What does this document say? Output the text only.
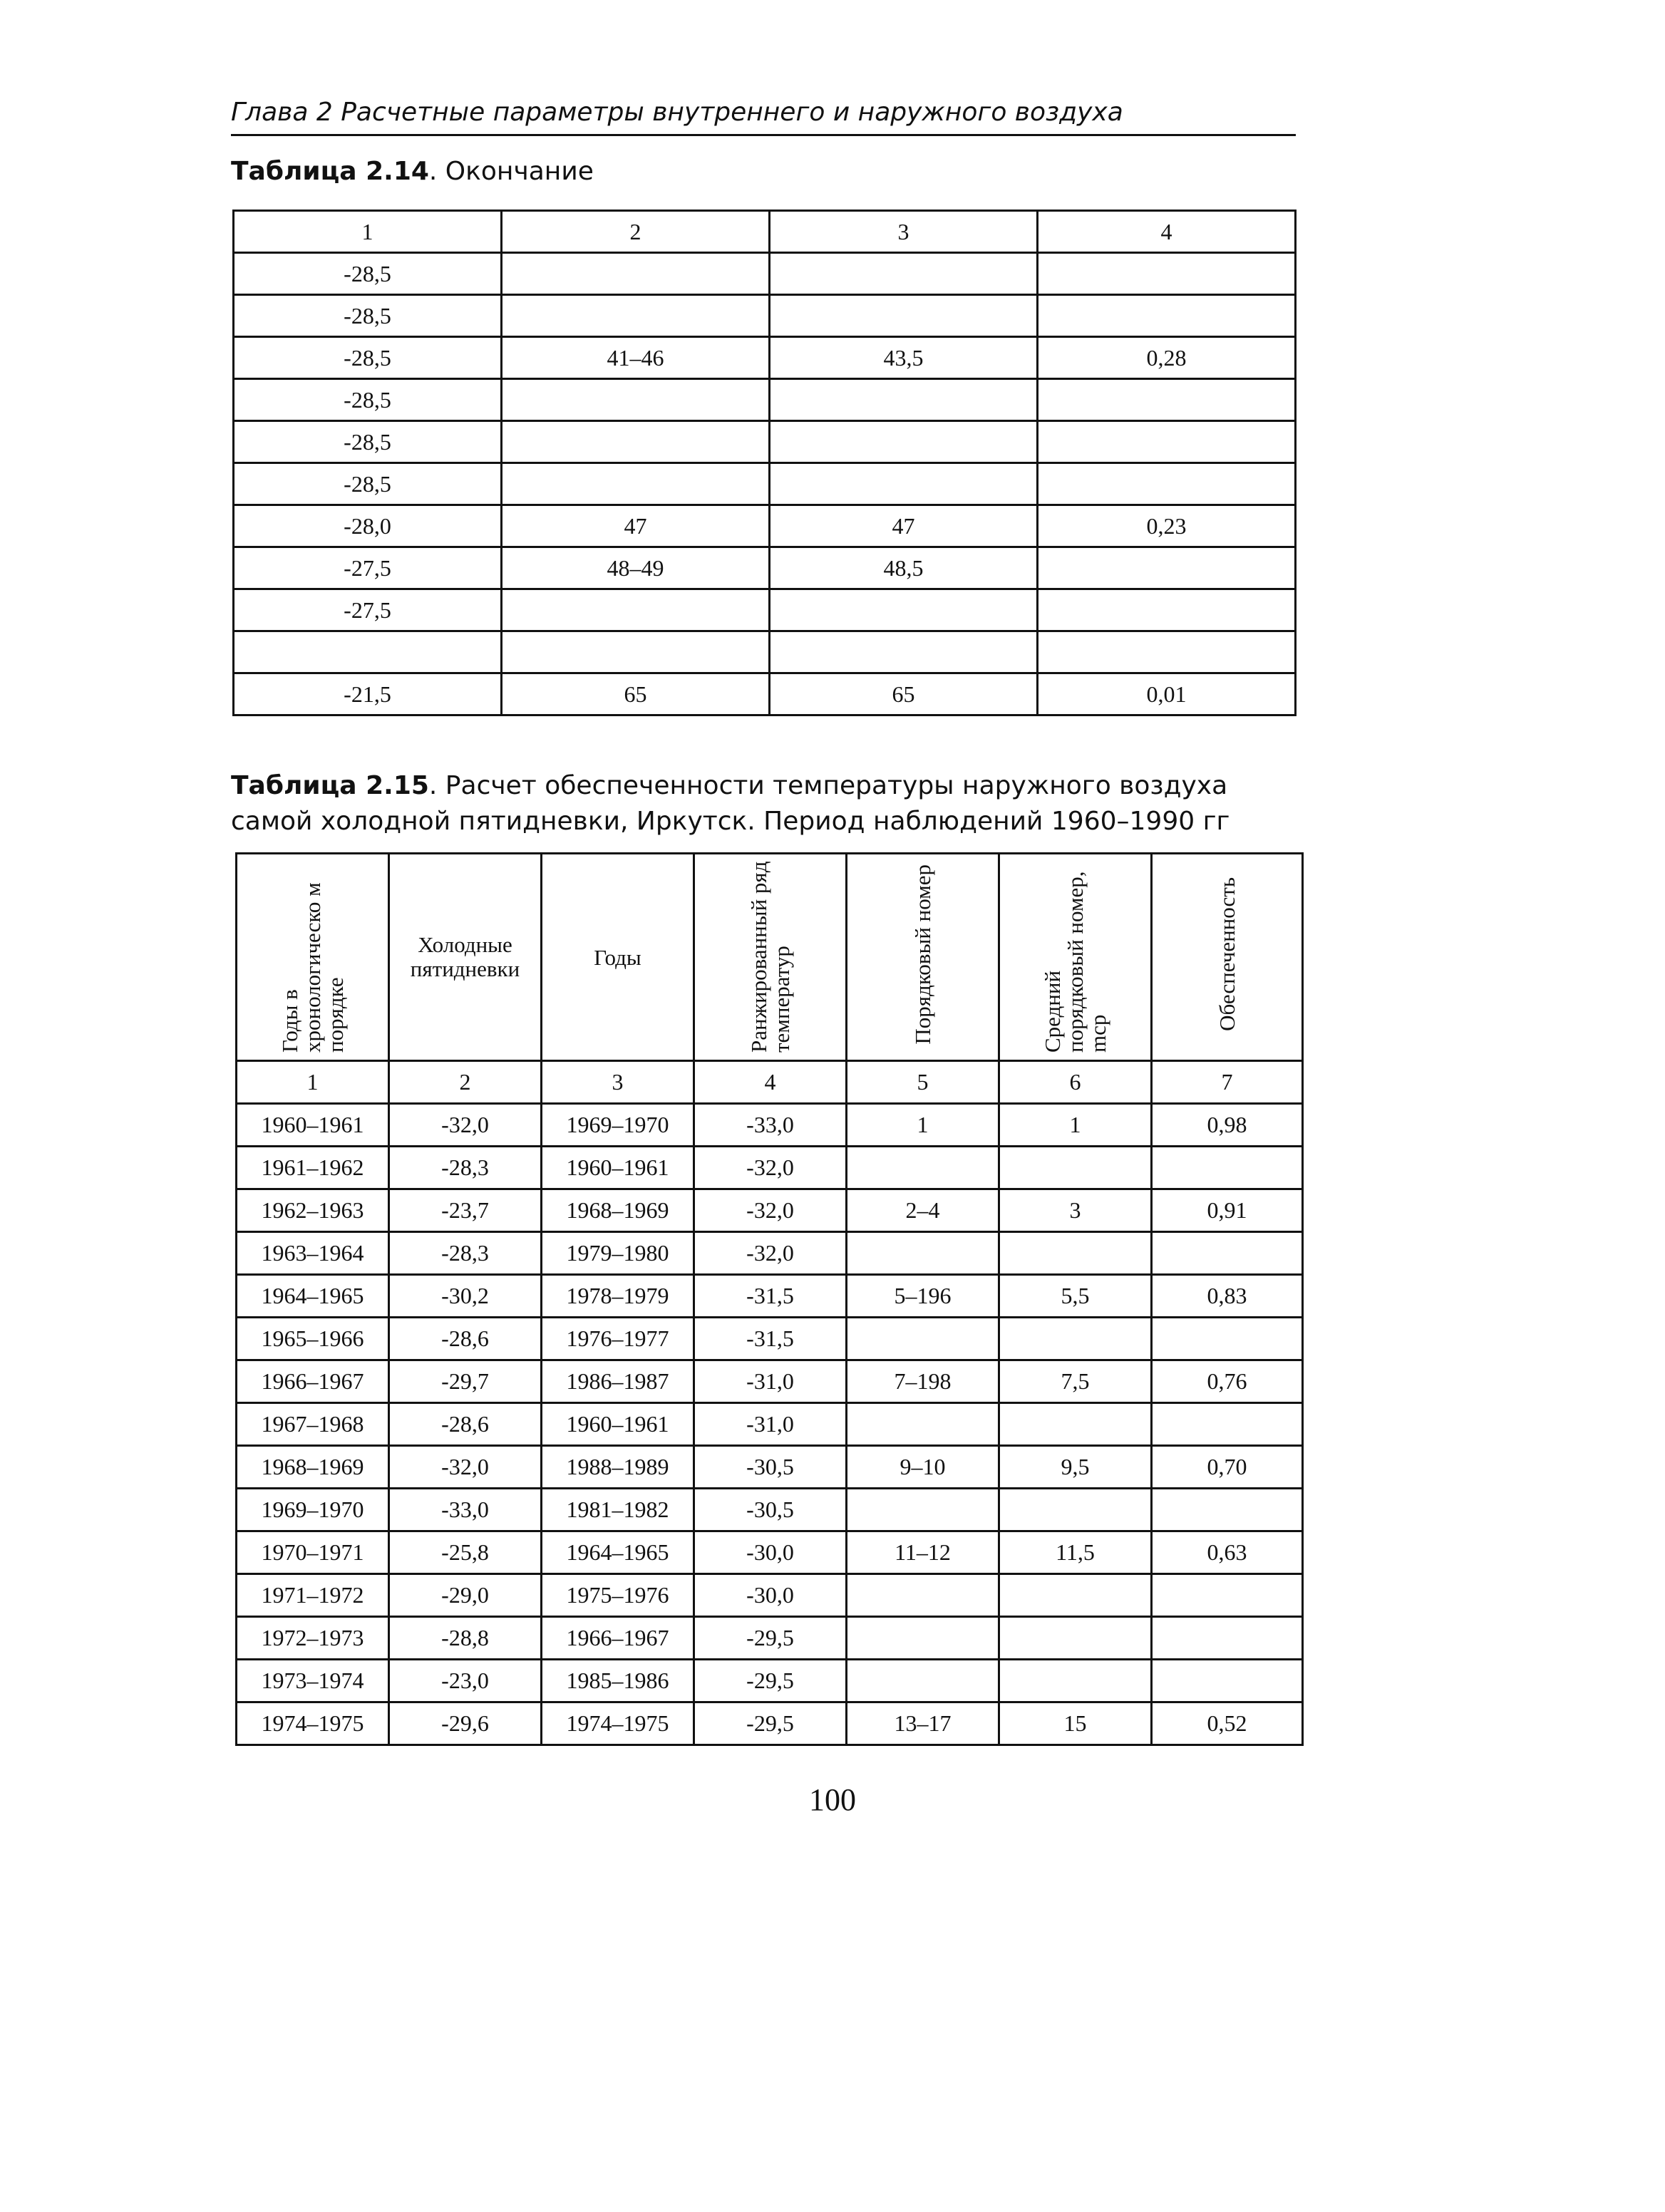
Глава 2 Расчетные параметры внутреннего и наружного воздуха
Таблица 2.14. Окончание
1	2	3	4
-28,5			
-28,5			
-28,5	41–46	43,5	0,28
-28,5			
-28,5			
-28,5			
-28,0	47	47	0,23
-27,5	48–49	48,5	
-27,5			

-21,5	65	65	0,01
Таблица 2.15. Расчет обеспеченности температуры наружного воздуха самой холодной пятидневки, Иркутск. Период наблюдений 1960–1990 гг
Годы в хронологическо м порядке	Холодные пятидневки	Годы	Ранжированный ряд температур	Порядковый номер	Средний порядковый номер, mср	Обеспеченность
1	2	3	4	5	6	7
1960–1961	-32,0	1969–1970	-33,0	1	1	0,98
1961–1962	-28,3	1960–1961	-32,0			
1962–1963	-23,7	1968–1969	-32,0	2–4	3	0,91
1963–1964	-28,3	1979–1980	-32,0			
1964–1965	-30,2	1978–1979	-31,5	5–196	5,5	0,83
1965–1966	-28,6	1976–1977	-31,5			
1966–1967	-29,7	1986–1987	-31,0	7–198	7,5	0,76
1967–1968	-28,6	1960–1961	-31,0			
1968–1969	-32,0	1988–1989	-30,5	9–10	9,5	0,70
1969–1970	-33,0	1981–1982	-30,5			
1970–1971	-25,8	1964–1965	-30,0	11–12	11,5	0,63
1971–1972	-29,0	1975–1976	-30,0			
1972–1973	-28,8	1966–1967	-29,5			
1973–1974	-23,0	1985–1986	-29,5			
1974–1975	-29,6	1974–1975	-29,5	13–17	15	0,52
100
